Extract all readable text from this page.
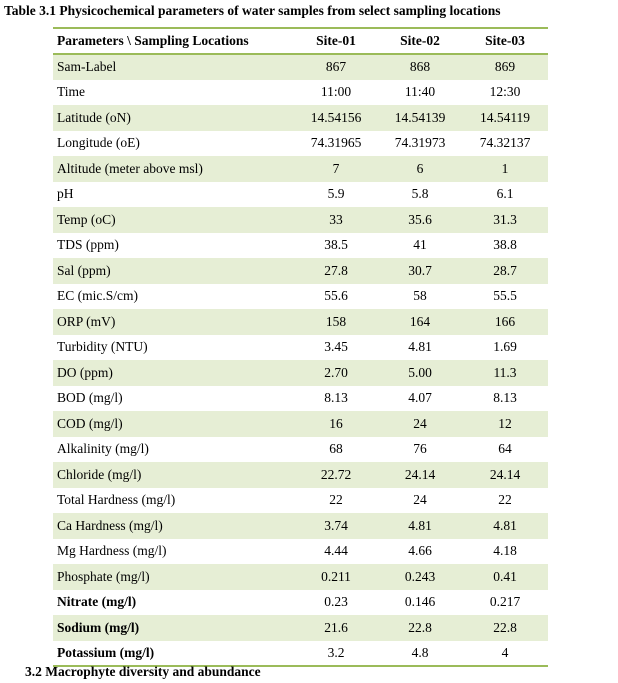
Table 3.1 Physicochemical parameters of water samples from select sampling locations
Parameters \ Sampling Locations	Site-01	Site-02	Site-03
Sam-Label	867	868	869
Time	11:00	11:40	12:30
Latitude (oN)	14.54156	14.54139	14.54119
Longitude (oE)	74.31965	74.31973	74.32137
Altitude (meter above msl)	7	6	1
pH	5.9	5.8	6.1
Temp (oC)	33	35.6	31.3
TDS (ppm)	38.5	41	38.8
Sal (ppm)	27.8	30.7	28.7
EC (mic.S/cm)	55.6	58	55.5
ORP (mV)	158	164	166
Turbidity (NTU)	3.45	4.81	1.69
DO (ppm)	2.70	5.00	11.3
BOD (mg/l)	8.13	4.07	8.13
COD (mg/l)	16	24	12
Alkalinity (mg/l)	68	76	64
Chloride (mg/l)	22.72	24.14	24.14
Total Hardness (mg/l)	22	24	22
Ca Hardness (mg/l)	3.74	4.81	4.81
Mg Hardness (mg/l)	4.44	4.66	4.18
Phosphate (mg/l)	0.211	0.243	0.41
Nitrate (mg/l)	0.23	0.146	0.217
Sodium (mg/l)	21.6	22.8	22.8
Potassium (mg/l)	3.2	4.8	4
3.2 Macrophyte diversity and abundance
